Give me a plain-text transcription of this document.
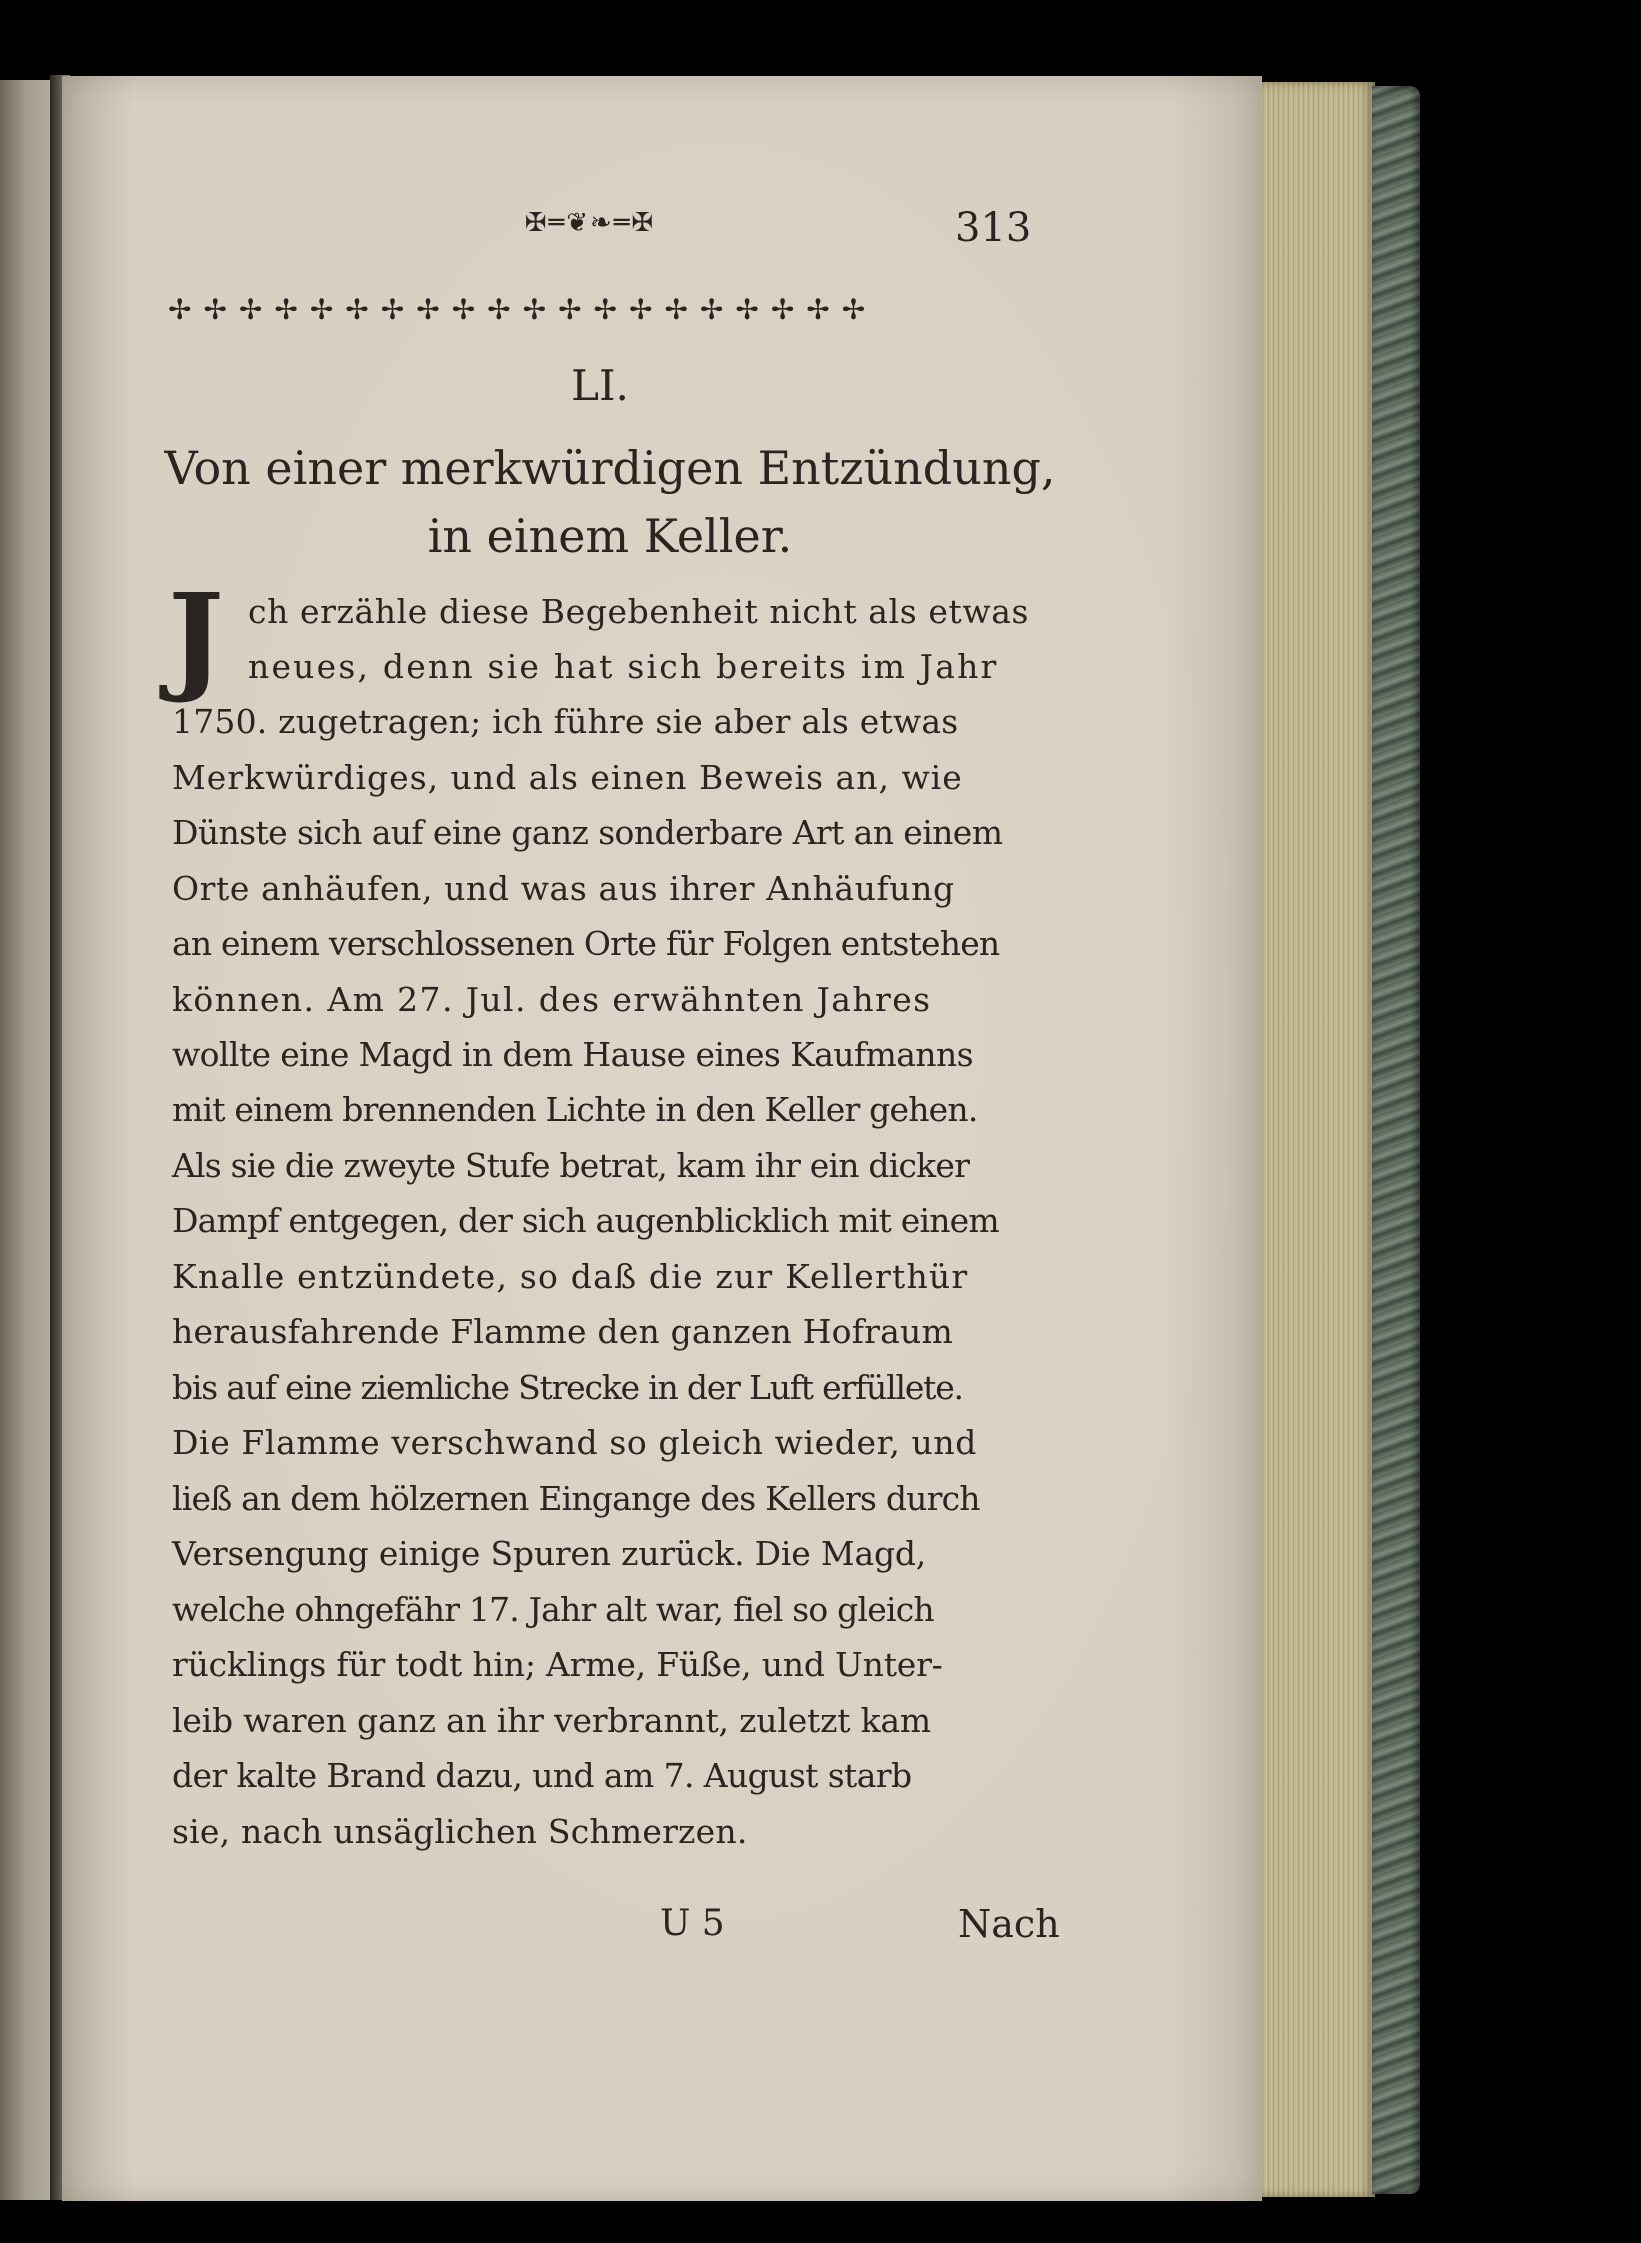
✠═❦❧═✠	313
✢✢✢✢✢✢✢✢✢✢✢✢✢✢✢✢✢✢✢✢
LI.
Von einer merkwürdigen Entzündung,
in einem Keller.
J ch erzähle diese Begebenheit nicht als etwas
neues, denn sie hat sich bereits im Jahr
1750. zugetragen; ich führe sie aber als etwas
Merkwürdiges, und als einen Beweis an, wie
Dünste sich auf eine ganz sonderbare Art an einem
Orte anhäufen, und was aus ihrer Anhäufung
an einem verschlossenen Orte für Folgen entstehen
können. Am 27. Jul. des erwähnten Jahres
wollte eine Magd in dem Hause eines Kaufmanns
mit einem brennenden Lichte in den Keller gehen.
Als sie die zweyte Stufe betrat, kam ihr ein dicker
Dampf entgegen, der sich augenblicklich mit einem
Knalle entzündete, so daß die zur Kellerthür
herausfahrende Flamme den ganzen Hofraum
bis auf eine ziemliche Strecke in der Luft erfüllete.
Die Flamme verschwand so gleich wieder, und
ließ an dem hölzernen Eingange des Kellers durch
Versengung einige Spuren zurück. Die Magd,
welche ohngefähr 17. Jahr alt war, fiel so gleich
rücklings für todt hin; Arme, Füße, und Unter-
leib waren ganz an ihr verbrannt, zuletzt kam
der kalte Brand dazu, und am 7. August starb
sie, nach unsäglichen Schmerzen.
U 5	Nach
